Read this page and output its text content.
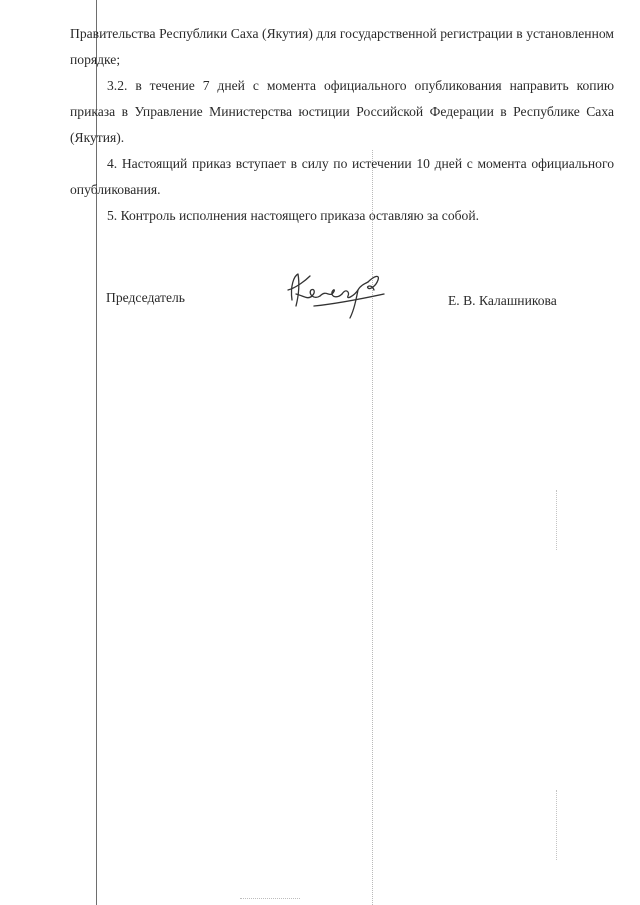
Правительства Республики Саха (Якутия) для государственной регистрации в установленном порядке;

3.2. в течение 7 дней с момента официального опубликования направить копию приказа в Управление Министерства юстиции Российской Федерации в Республике Саха (Якутия).

4. Настоящий приказ вступает в силу по истечении 10 дней с момента официального опубликования.

5. Контроль исполнения настоящего приказа оставляю за собой.

Председатель	Е. В. Калашникова
